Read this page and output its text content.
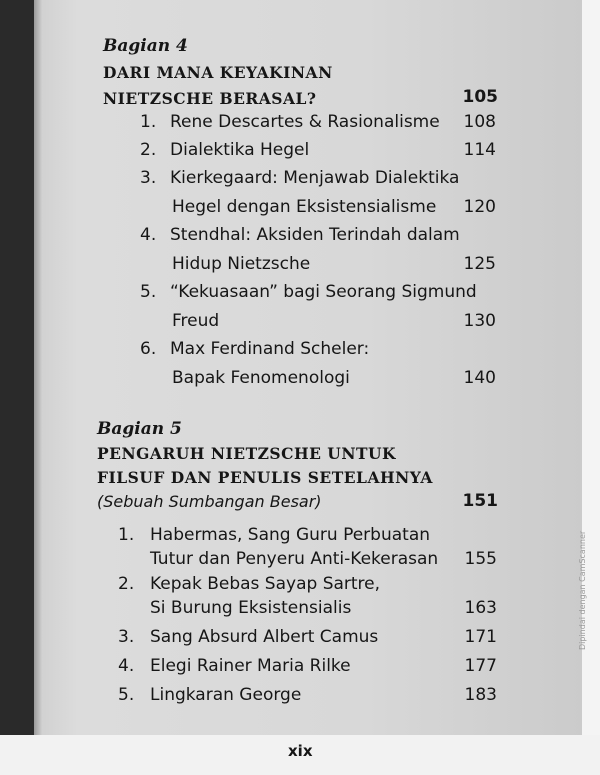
Bagian 4
DARI MANA KEYAKINAN
NIETZSCHE BERASAL?	105
1. Rene Descartes & Rasionalisme	108
2. Dialektika Hegel	114
3. Kierkegaard: Menjawab Dialektika
Hegel dengan Eksistensialisme	120
4. Stendhal: Aksiden Terindah dalam
Hidup Nietzsche	125
5. “Kekuasaan” bagi Seorang Sigmund
Freud	130
6. Max Ferdinand Scheler:
Bapak Fenomenologi	140
Bagian 5
PENGARUH NIETZSCHE UNTUK
FILSUF DAN PENULIS SETELAHNYA
(Sebuah Sumbangan Besar)	151
1. Habermas, Sang Guru Perbuatan
Tutur dan Penyeru Anti-Kekerasan	155
2. Kepak Bebas Sayap Sartre,
Si Burung Eksistensialis	163
3. Sang Absurd Albert Camus	171
4. Elegi Rainer Maria Rilke	177
5. Lingkaran George	183
xix
Dipindai dengan CamScanner
